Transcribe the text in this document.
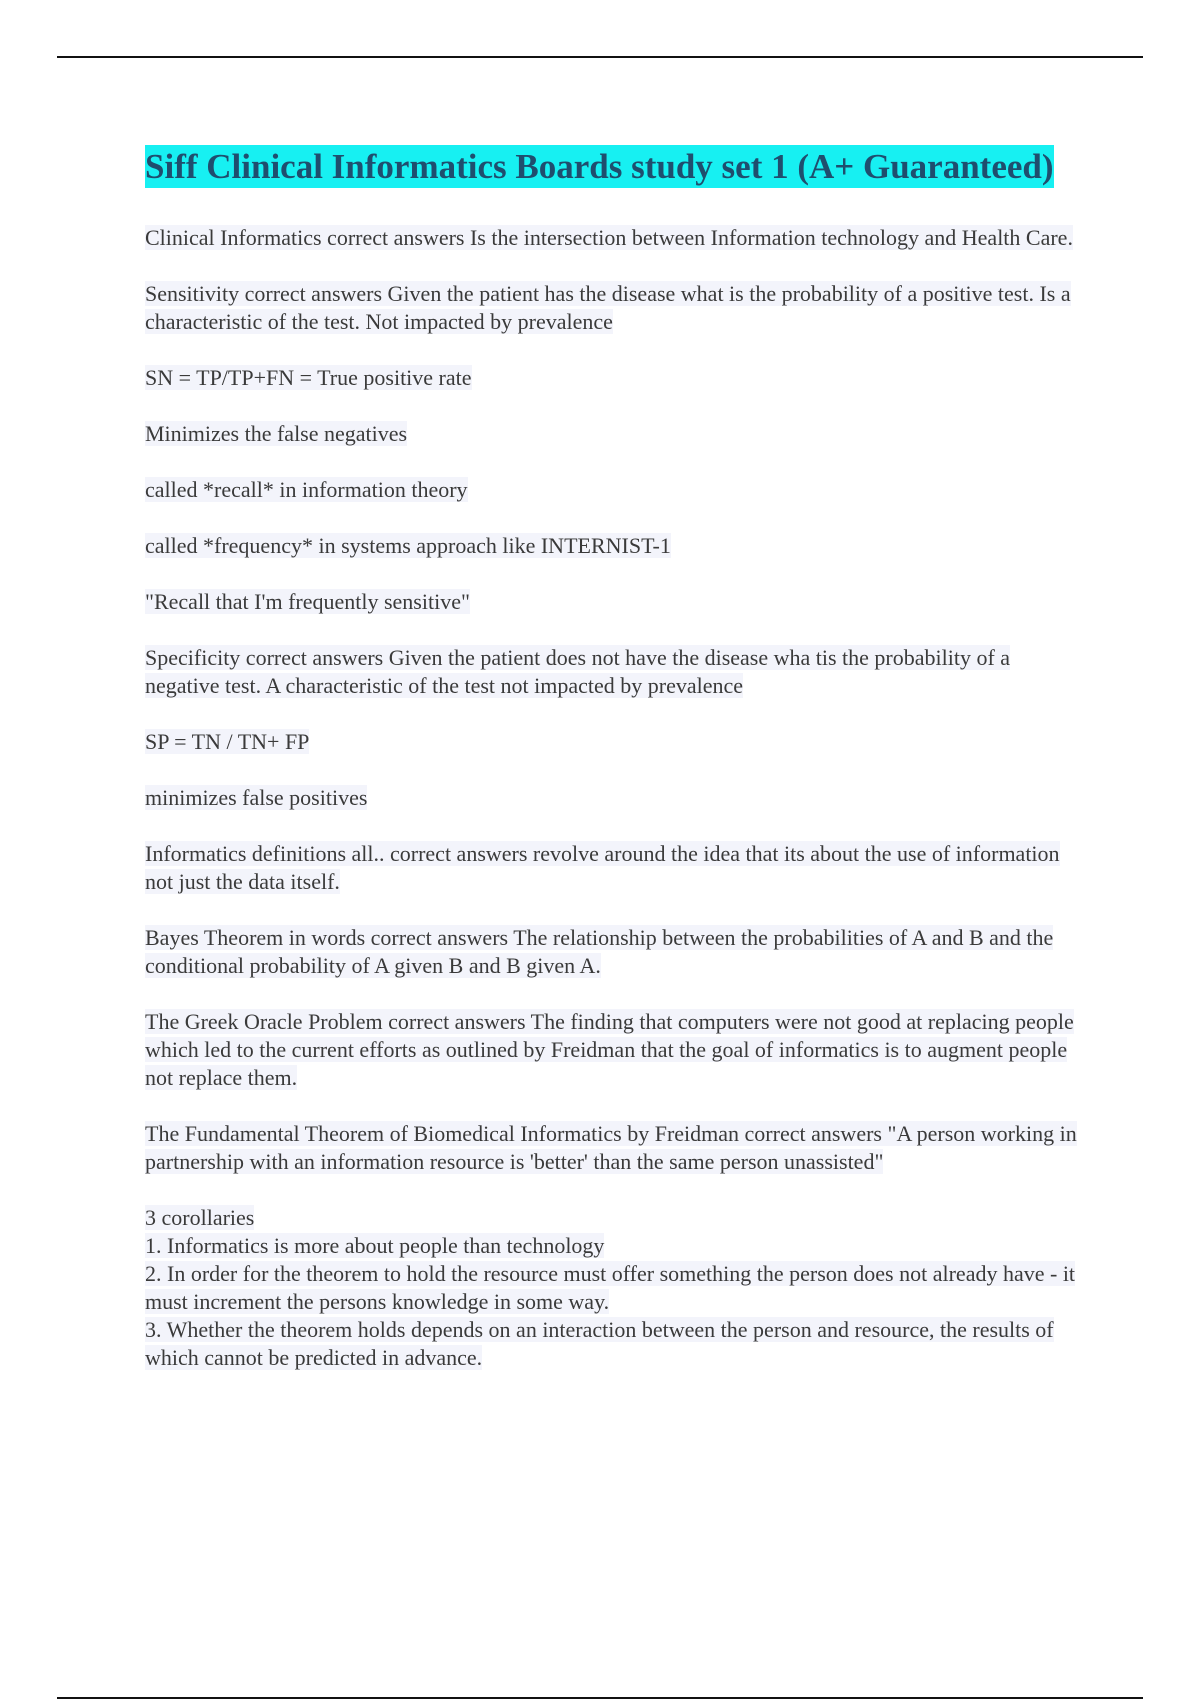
Siff Clinical Informatics Boards study set 1 (A+ Guaranteed)

Clinical Informatics correct answers Is the intersection between Information technology and Health Care.

Sensitivity correct answers Given the patient has the disease what is the probability of a positive test. Is a characteristic of the test. Not impacted by prevalence

SN = TP/TP+FN = True positive rate

Minimizes the false negatives

called *recall* in information theory

called *frequency* in systems approach like INTERNIST-1

"Recall that I'm frequently sensitive"

Specificity correct answers Given the patient does not have the disease wha tis the probability of a negative test. A characteristic of the test not impacted by prevalence

SP = TN / TN+ FP

minimizes false positives

Informatics definitions all.. correct answers revolve around the idea that its about the use of information not just the data itself.

Bayes Theorem in words correct answers The relationship between the probabilities of A and B and the conditional probability of A given B and B given A.

The Greek Oracle Problem correct answers The finding that computers were not good at replacing people which led to the current efforts as outlined by Freidman that the goal of informatics is to augment people not replace them.

The Fundamental Theorem of Biomedical Informatics by Freidman correct answers "A person working in partnership with an information resource is 'better' than the same person unassisted"

3 corollaries
1. Informatics is more about people than technology
2. In order for the theorem to hold the resource must offer something the person does not already have - it must increment the persons knowledge in some way.
3. Whether the theorem holds depends on an interaction between the person and resource, the results of which cannot be predicted in advance.
